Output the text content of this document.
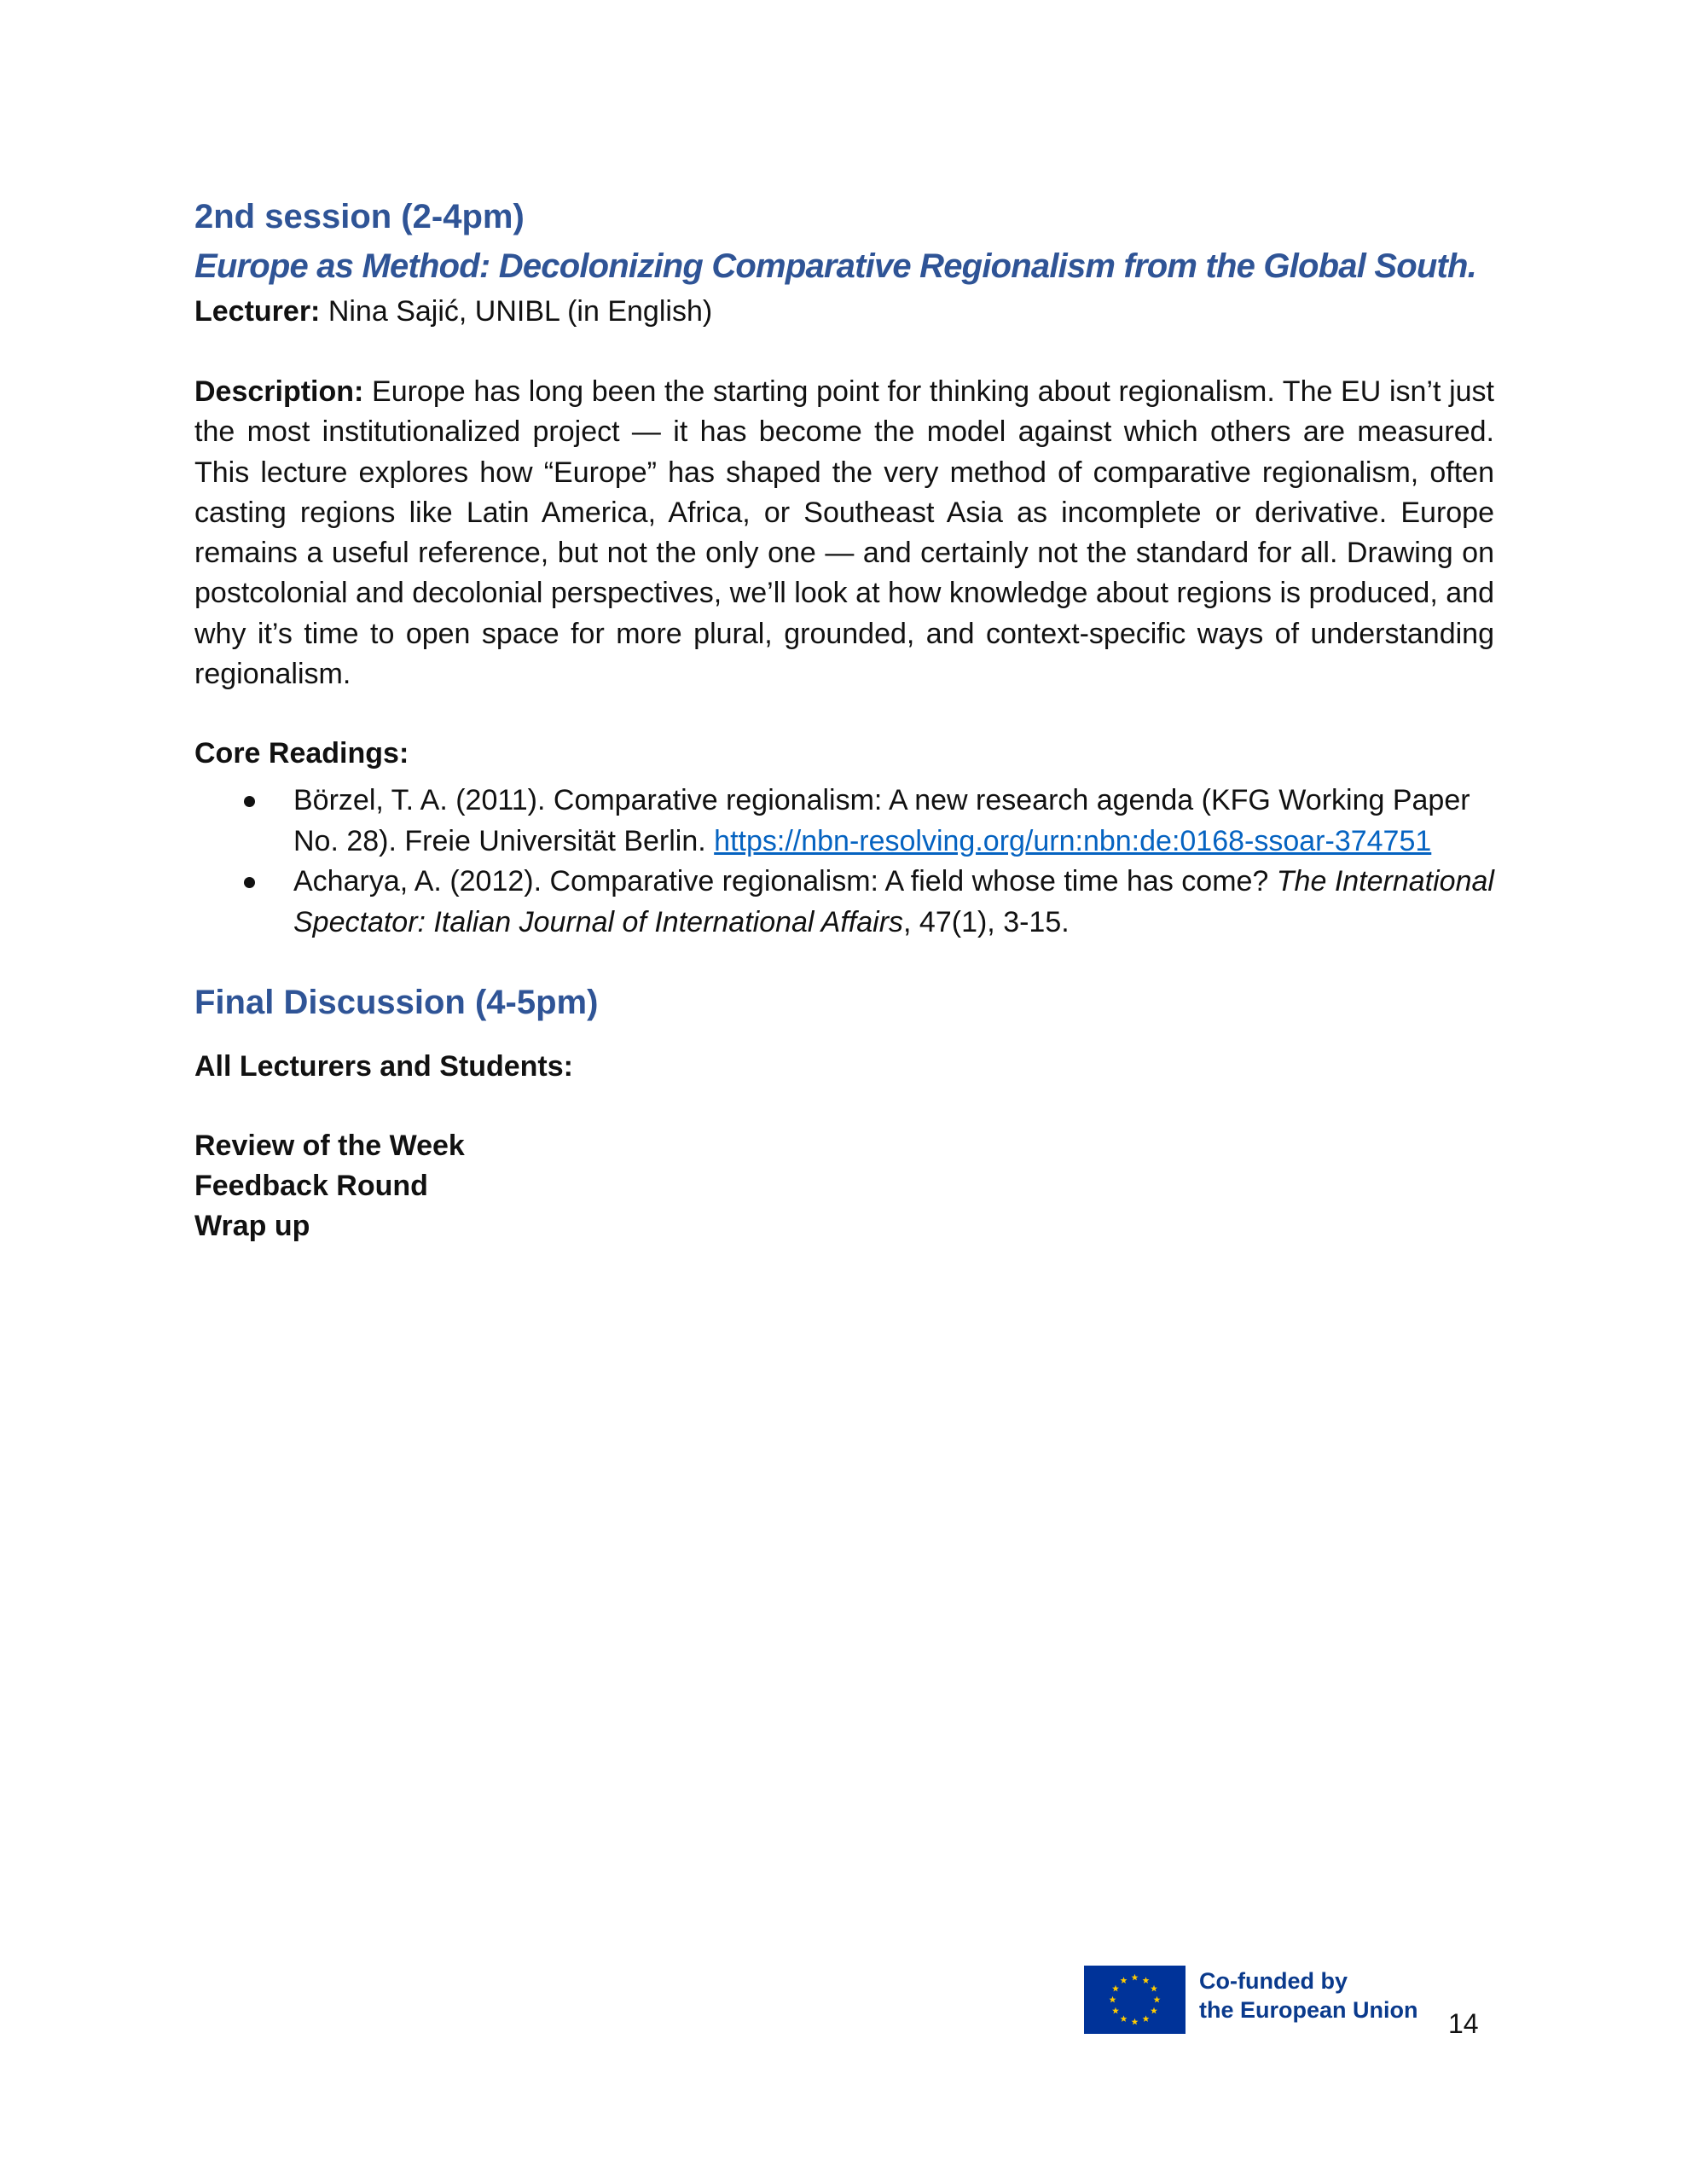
2nd session (2-4pm)
Europe as Method: Decolonizing Comparative Regionalism from the Global South.

Lecturer: Nina Sajić, UNIBL (in English)

Description: Europe has long been the starting point for thinking about regionalism. The EU isn’t just the most institutionalized project — it has become the model against which others are measured. This lecture explores how “Europe” has shaped the very method of comparative regionalism, often casting regions like Latin America, Africa, or Southeast Asia as incomplete or derivative. Europe remains a useful reference, but not the only one — and certainly not the standard for all. Drawing on postcolonial and decolonial perspectives, we’ll look at how knowledge about regions is produced, and why it’s time to open space for more plural, grounded, and context-specific ways of understanding regionalism.

Core Readings:

Börzel, T. A. (2011). Comparative regionalism: A new research agenda (KFG Working Paper No. 28). Freie Universität Berlin. https://nbn-resolving.org/urn:nbn:de:0168-ssoar-374751
Acharya, A. (2012). Comparative regionalism: A field whose time has come? The International Spectator: Italian Journal of International Affairs, 47(1), 3-15.
Final Discussion (4-5pm)

All Lecturers and Students:

Review of the Week

Feedback Round

Wrap up

Co-funded by
the European Union 14
